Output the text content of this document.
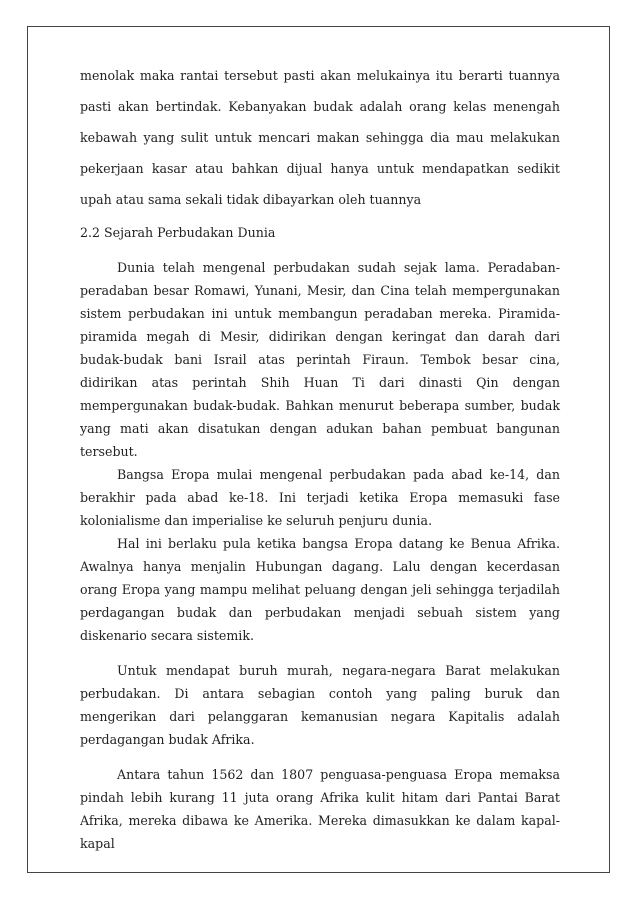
menolak maka rantai tersebut pasti akan melukainya itu berarti tuannya pasti akan bertindak. Kebanyakan budak adalah orang kelas menengah kebawah yang sulit untuk mencari makan sehingga dia mau melakukan pekerjaan kasar atau bahkan dijual hanya untuk mendapatkan sedikit upah atau sama sekali tidak dibayarkan oleh tuannya

2.2 Sejarah Perbudakan Dunia

Dunia telah mengenal perbudakan sudah sejak lama. Peradaban-peradaban besar Romawi, Yunani, Mesir, dan Cina telah mempergunakan sistem perbudakan ini untuk membangun peradaban mereka. Piramida-piramida megah di Mesir, didirikan dengan keringat dan darah dari budak-budak bani Israil atas perintah Firaun. Tembok besar cina, didirikan atas perintah Shih Huan Ti dari dinasti Qin dengan mempergunakan budak-budak. Bahkan menurut beberapa sumber, budak yang mati akan disatukan dengan adukan bahan pembuat bangunan tersebut.

Bangsa Eropa mulai mengenal perbudakan pada abad ke-14, dan berakhir pada abad ke-18. Ini terjadi ketika Eropa memasuki fase kolonialisme dan imperialise ke seluruh penjuru dunia.

Hal ini berlaku pula ketika bangsa Eropa datang ke Benua Afrika. Awalnya hanya menjalin Hubungan dagang. Lalu dengan kecerdasan orang Eropa yang mampu melihat peluang dengan jeli sehingga terjadilah perdagangan budak dan perbudakan menjadi sebuah sistem yang diskenario secara sistemik.

Untuk mendapat buruh murah, negara-negara Barat melakukan perbudakan. Di antara sebagian contoh yang paling buruk dan mengerikan dari pelanggaran kemanusian negara Kapitalis adalah perdagangan budak Afrika.

Antara tahun 1562 dan 1807 penguasa-penguasa Eropa memaksa pindah lebih kurang 11 juta orang Afrika kulit hitam dari Pantai Barat Afrika, mereka dibawa ke Amerika. Mereka dimasukkan ke dalam kapal-kapal
